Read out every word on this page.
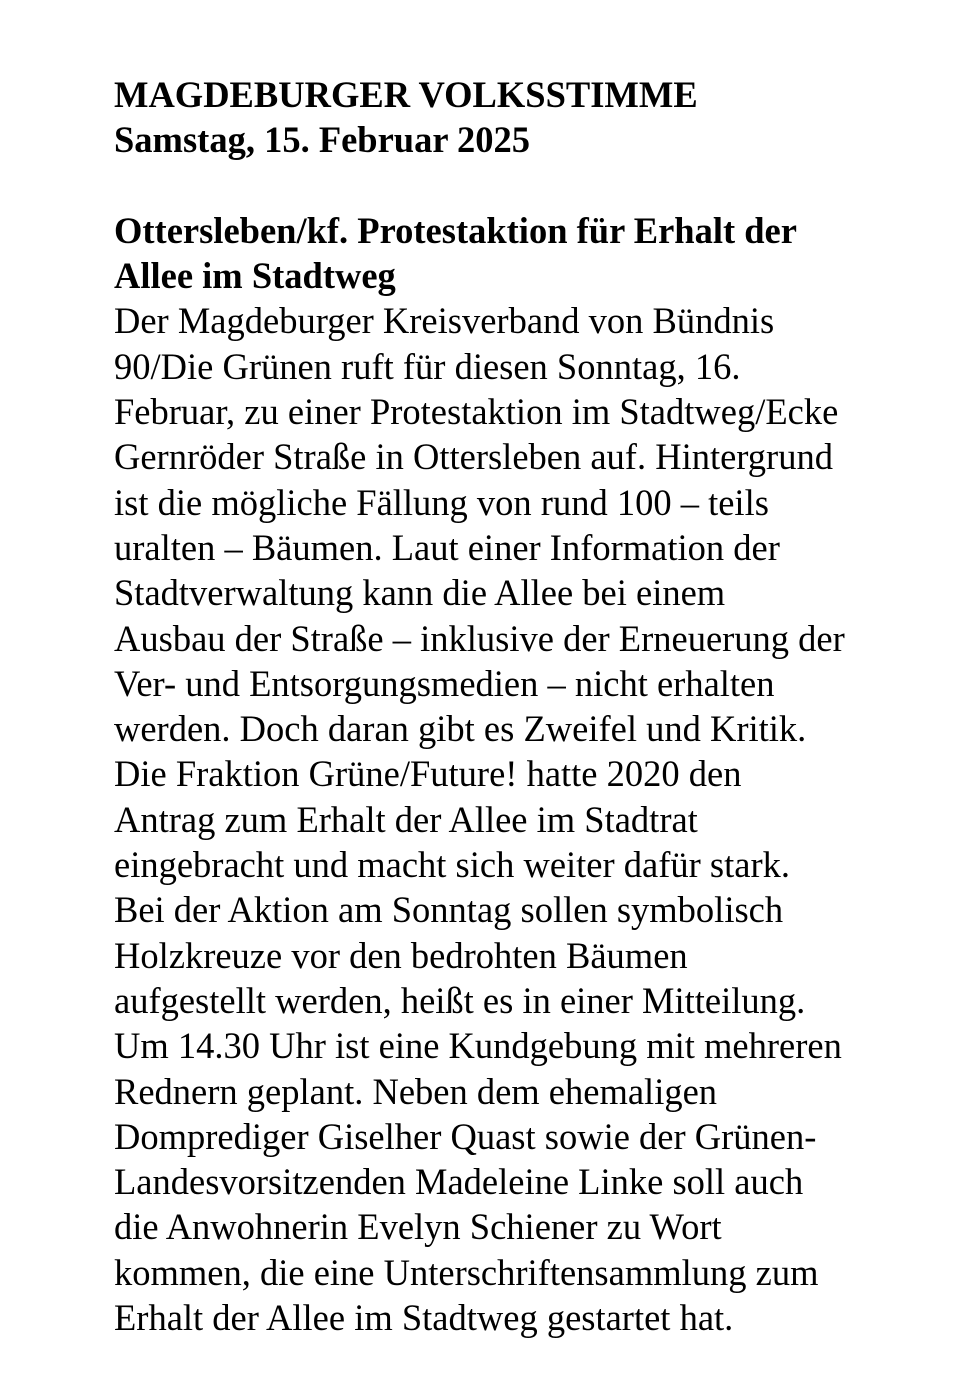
MAGDEBURGER VOLKSSTIMME
Samstag, 15. Februar 2025
Ottersleben/kf. Protestaktion für Erhalt der
Allee im Stadtweg
Der Magdeburger Kreisverband von Bündnis
90/Die Grünen ruft für diesen Sonntag, 16.
Februar, zu einer Protestaktion im Stadtweg/Ecke
Gernröder Straße in Ottersleben auf. Hintergrund
ist die mögliche Fällung von rund 100 – teils
uralten – Bäumen. Laut einer Information der
Stadtverwaltung kann die Allee bei einem
Ausbau der Straße – inklusive der Erneuerung der
Ver- und Entsorgungsmedien – nicht erhalten
werden. Doch daran gibt es Zweifel und Kritik.
Die Fraktion Grüne/Future! hatte 2020 den
Antrag zum Erhalt der Allee im Stadtrat
eingebracht und macht sich weiter dafür stark.
Bei der Aktion am Sonntag sollen symbolisch
Holzkreuze vor den bedrohten Bäumen
aufgestellt werden, heißt es in einer Mitteilung.
Um 14.30 Uhr ist eine Kundgebung mit mehreren
Rednern geplant. Neben dem ehemaligen
Domprediger Giselher Quast sowie der Grünen-
Landesvorsitzenden Madeleine Linke soll auch
die Anwohnerin Evelyn Schiener zu Wort
kommen, die eine Unterschriftensammlung zum
Erhalt der Allee im Stadtweg gestartet hat.
